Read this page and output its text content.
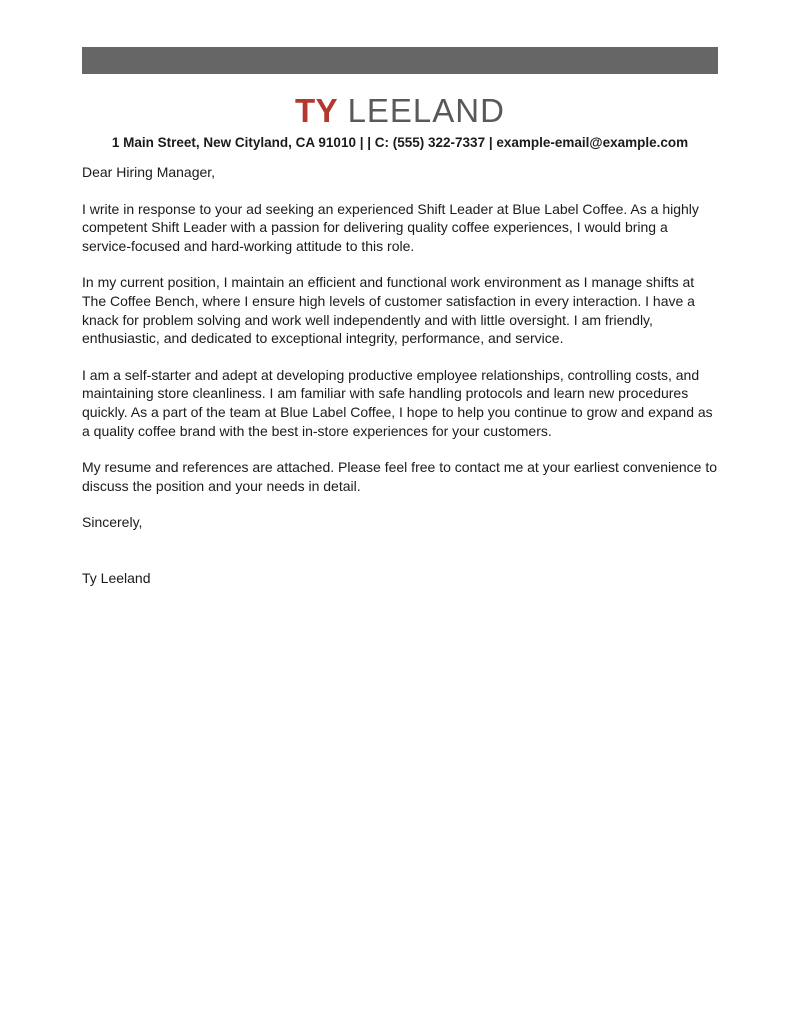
TY LEELAND
1 Main Street, New Cityland, CA 91010 | | C: (555) 322-7337 | example-email@example.com

Dear Hiring Manager,

I write in response to your ad seeking an experienced Shift Leader at Blue Label Coffee. As a highly competent Shift Leader with a passion for delivering quality coffee experiences, I would bring a service-focused and hard-working attitude to this role.

In my current position, I maintain an efficient and functional work environment as I manage shifts at The Coffee Bench, where I ensure high levels of customer satisfaction in every interaction. I have a knack for problem solving and work well independently and with little oversight. I am friendly, enthusiastic, and dedicated to exceptional integrity, performance, and service.

I am a self-starter and adept at developing productive employee relationships, controlling costs, and maintaining store cleanliness. I am familiar with safe handling protocols and learn new procedures quickly. As a part of the team at Blue Label Coffee, I hope to help you continue to grow and expand as a quality coffee brand with the best in-store experiences for your customers.

My resume and references are attached. Please feel free to contact me at your earliest convenience to discuss the position and your needs in detail.

Sincerely,

Ty Leeland
